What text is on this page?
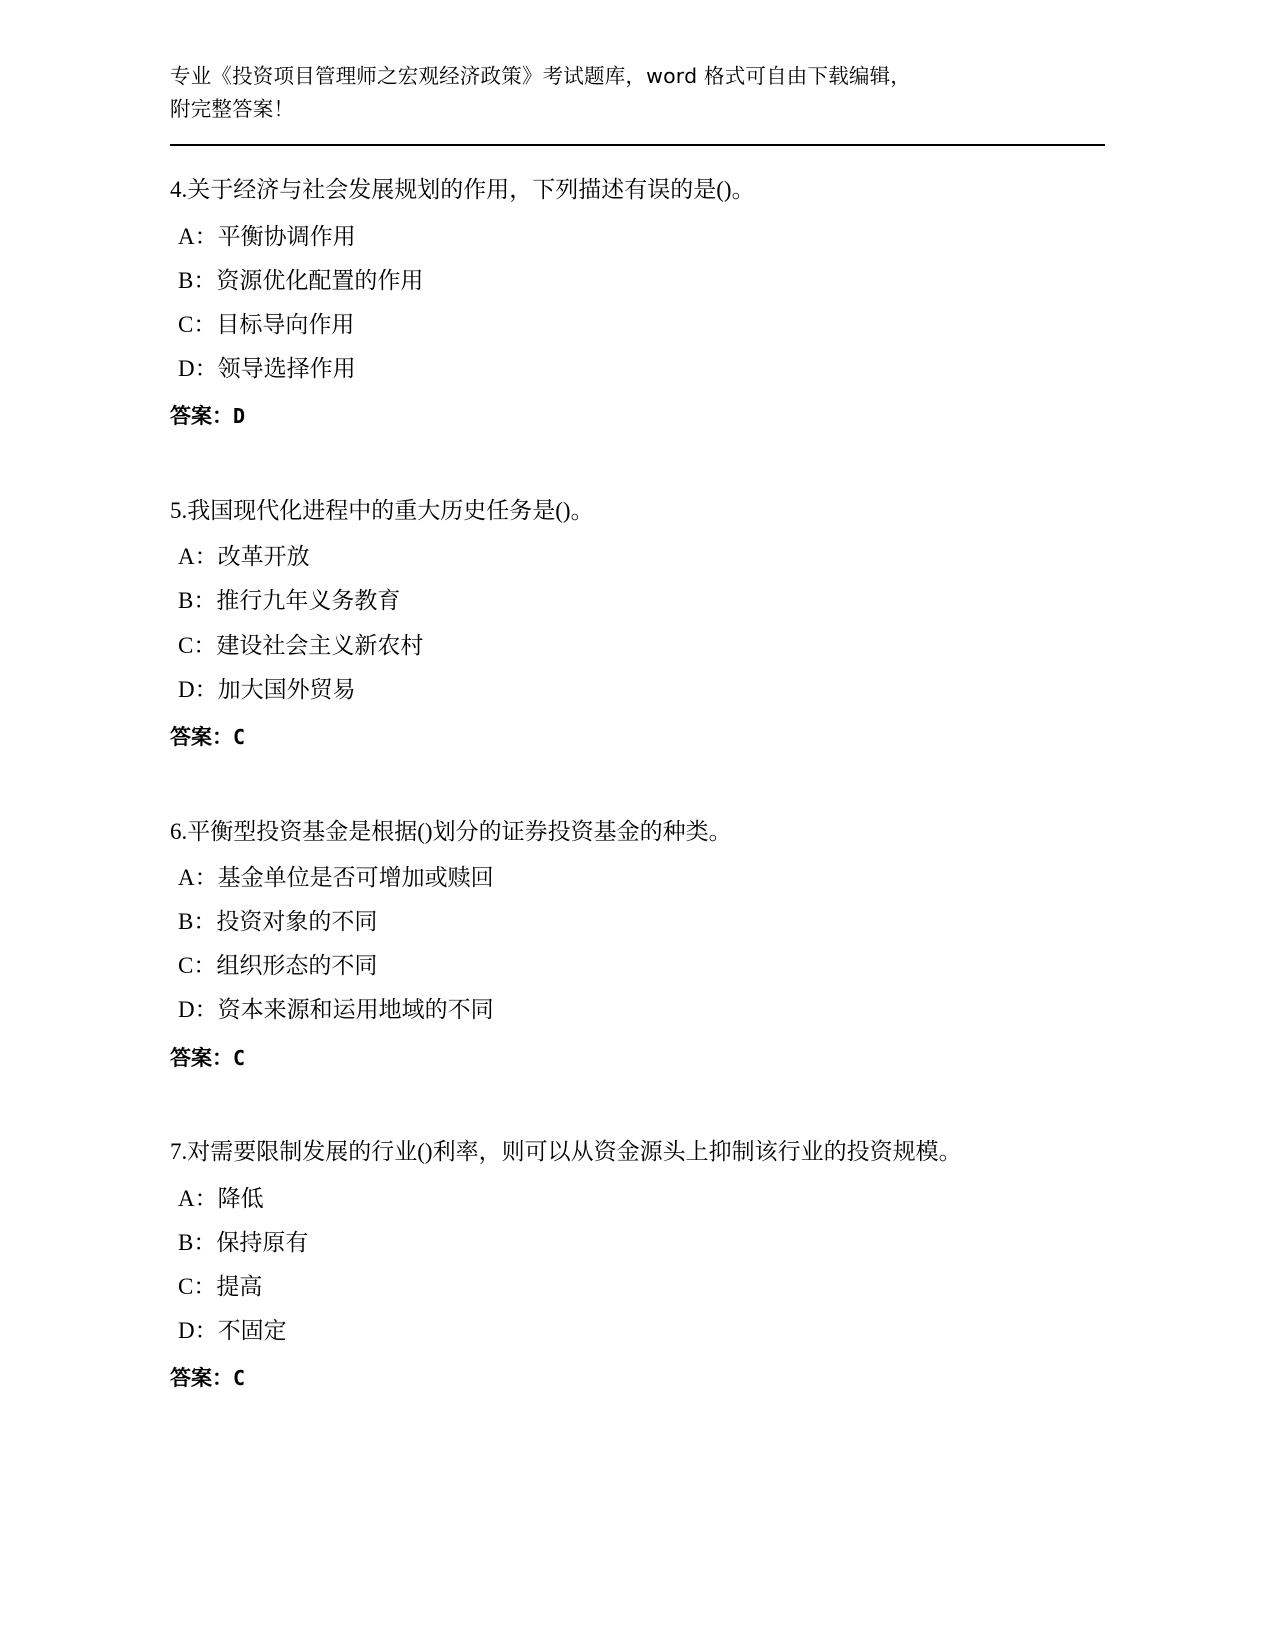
专业《投资项目管理师之宏观经济政策》考试题库，word 格式可自由下载编辑，
附完整答案！

4.关于经济与社会发展规划的作用，下列描述有误的是()。

A：平衡协调作用

B：资源优化配置的作用

C：目标导向作用

D：领导选择作用

答案：D

5.我国现代化进程中的重大历史任务是()。

A：改革开放

B：推行九年义务教育

C：建设社会主义新农村

D：加大国外贸易

答案：C

6.平衡型投资基金是根据()划分的证券投资基金的种类。

A：基金单位是否可增加或赎回

B：投资对象的不同

C：组织形态的不同

D：资本来源和运用地域的不同

答案：C

7.对需要限制发展的行业()利率，则可以从资金源头上抑制该行业的投资规模。

A：降低

B：保持原有

C：提高

D：不固定

答案：C
